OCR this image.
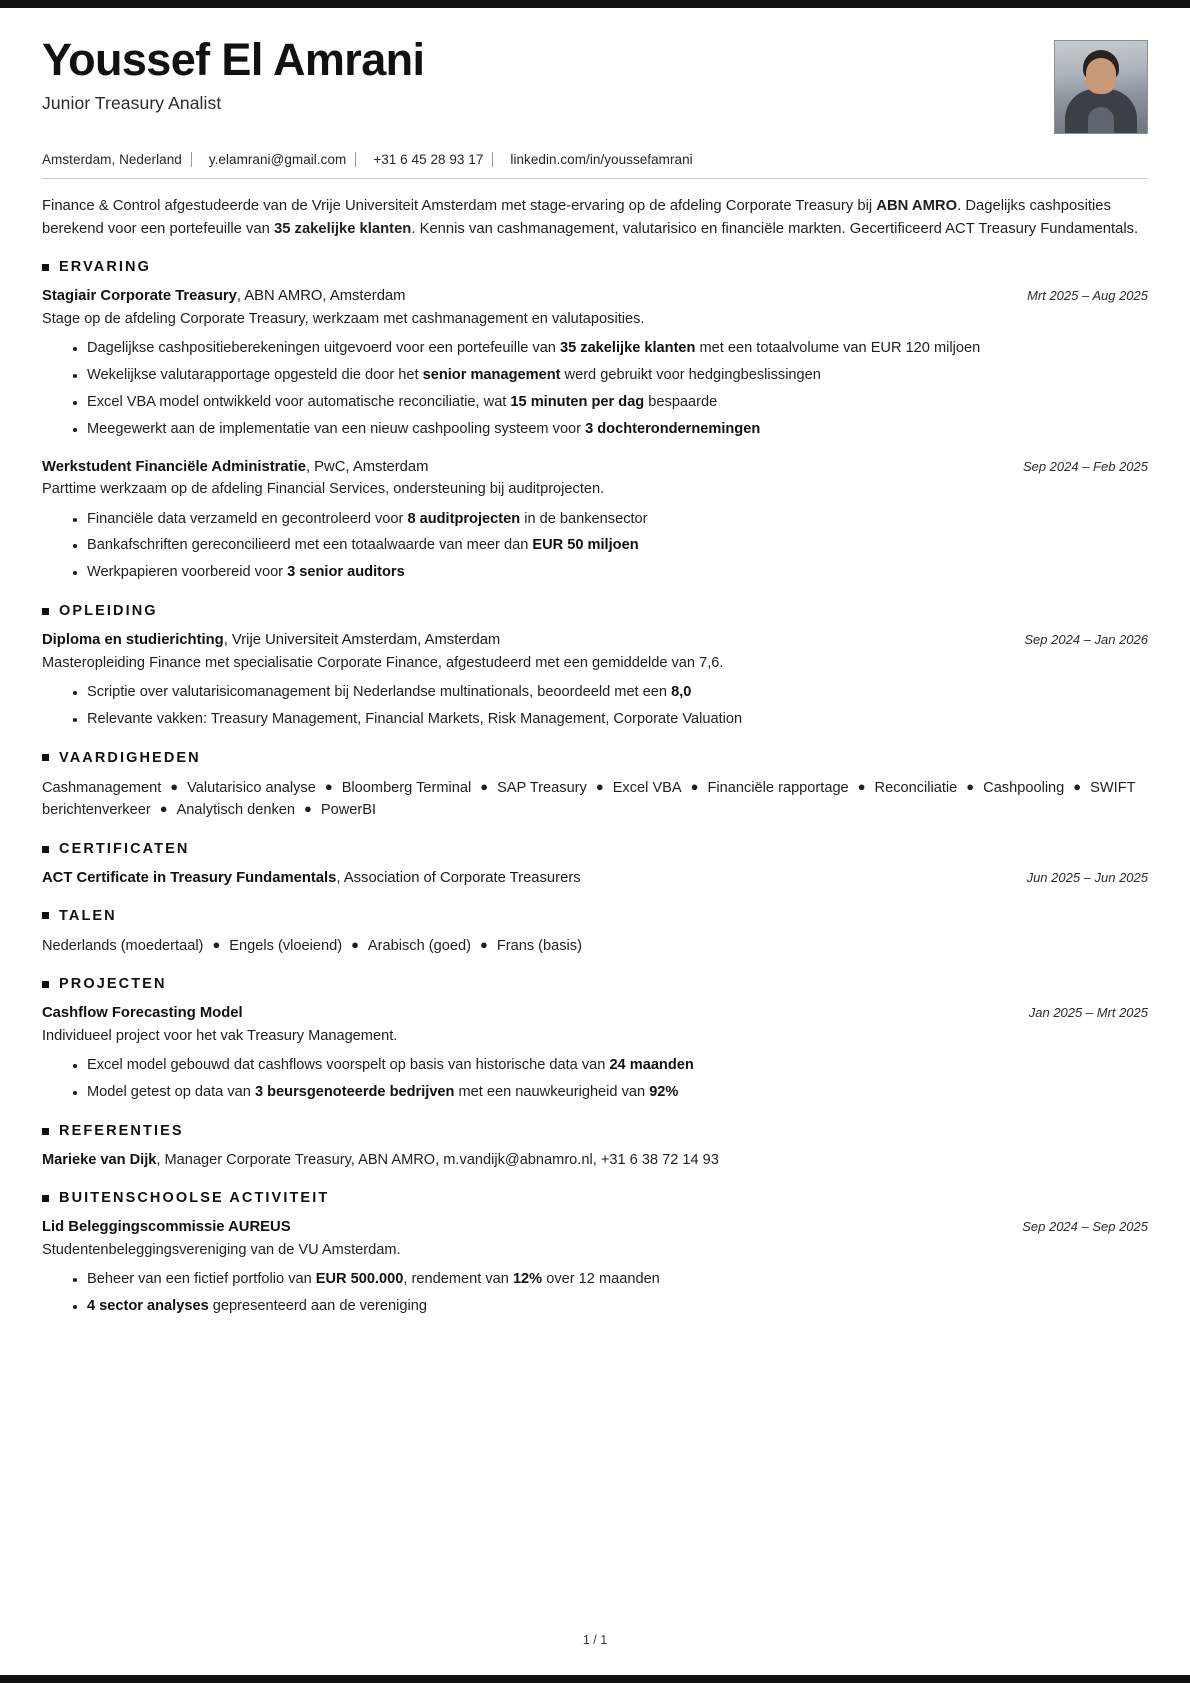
Youssef El Amrani
Junior Treasury Analist
Amsterdam, Nederland y.elamrani@gmail.com +31 6 45 28 93 17 linkedin.com/in/youssefamrani
Finance & Control afgestudeerde van de Vrije Universiteit Amsterdam met stage-ervaring op de afdeling Corporate Treasury bij ABN AMRO. Dagelijks cashposities berekend voor een portefeuille van 35 zakelijke klanten. Kennis van cashmanagement, valutarisico en financiële markten. Gecertificeerd ACT Treasury Fundamentals.
ERVARING
Stagiair Corporate Treasury, ABN AMRO, Amsterdam	Mrt 2025 – Aug 2025
Stage op de afdeling Corporate Treasury, werkzaam met cashmanagement en valutaposities.
Dagelijkse cashpositieberekeningen uitgevoerd voor een portefeuille van 35 zakelijke klanten met een totaalvolume van EUR 120 miljoen
Wekelijkse valutarapportage opgesteld die door het senior management werd gebruikt voor hedgingbeslissingen
Excel VBA model ontwikkeld voor automatische reconciliatie, wat 15 minuten per dag bespaarde
Meegewerkt aan de implementatie van een nieuw cashpooling systeem voor 3 dochterondernemingen
Werkstudent Financiële Administratie, PwC, Amsterdam	Sep 2024 – Feb 2025
Parttime werkzaam op de afdeling Financial Services, ondersteuning bij auditprojecten.
Financiële data verzameld en gecontroleerd voor 8 auditprojecten in de bankensector
Bankafschriften gereconcilieerd met een totaalwaarde van meer dan EUR 50 miljoen
Werkpapieren voorbereid voor 3 senior auditors
OPLEIDING
Diploma en studierichting, Vrije Universiteit Amsterdam, Amsterdam	Sep 2024 – Jan 2026
Masteropleiding Finance met specialisatie Corporate Finance, afgestudeerd met een gemiddelde van 7,6.
Scriptie over valutarisicomanagement bij Nederlandse multinationals, beoordeeld met een 8,0
Relevante vakken: Treasury Management, Financial Markets, Risk Management, Corporate Valuation
VAARDIGHEDEN
Cashmanagement ● Valutarisico analyse ● Bloomberg Terminal ● SAP Treasury ● Excel VBA ● Financiële rapportage ● Reconciliatie ● Cashpooling ● SWIFT berichtenverkeer ● Analytisch denken ● PowerBI
CERTIFICATEN
ACT Certificate in Treasury Fundamentals, Association of Corporate Treasurers	Jun 2025 – Jun 2025
TALEN
Nederlands (moedertaal) ● Engels (vloeiend) ● Arabisch (goed) ● Frans (basis)
PROJECTEN
Cashflow Forecasting Model	Jan 2025 – Mrt 2025
Individueel project voor het vak Treasury Management.
Excel model gebouwd dat cashflows voorspelt op basis van historische data van 24 maanden
Model getest op data van 3 beursgenoteerde bedrijven met een nauwkeurigheid van 92%
REFERENTIES
Marieke van Dijk, Manager Corporate Treasury, ABN AMRO, m.vandijk@abnamro.nl, +31 6 38 72 14 93
BUITENSCHOOLSE ACTIVITEIT
Lid Beleggingscommissie AUREUS	Sep 2024 – Sep 2025
Studentenbeleggingsvereniging van de VU Amsterdam.
Beheer van een fictief portfolio van EUR 500.000, rendement van 12% over 12 maanden
4 sector analyses gepresenteerd aan de vereniging
1 / 1
